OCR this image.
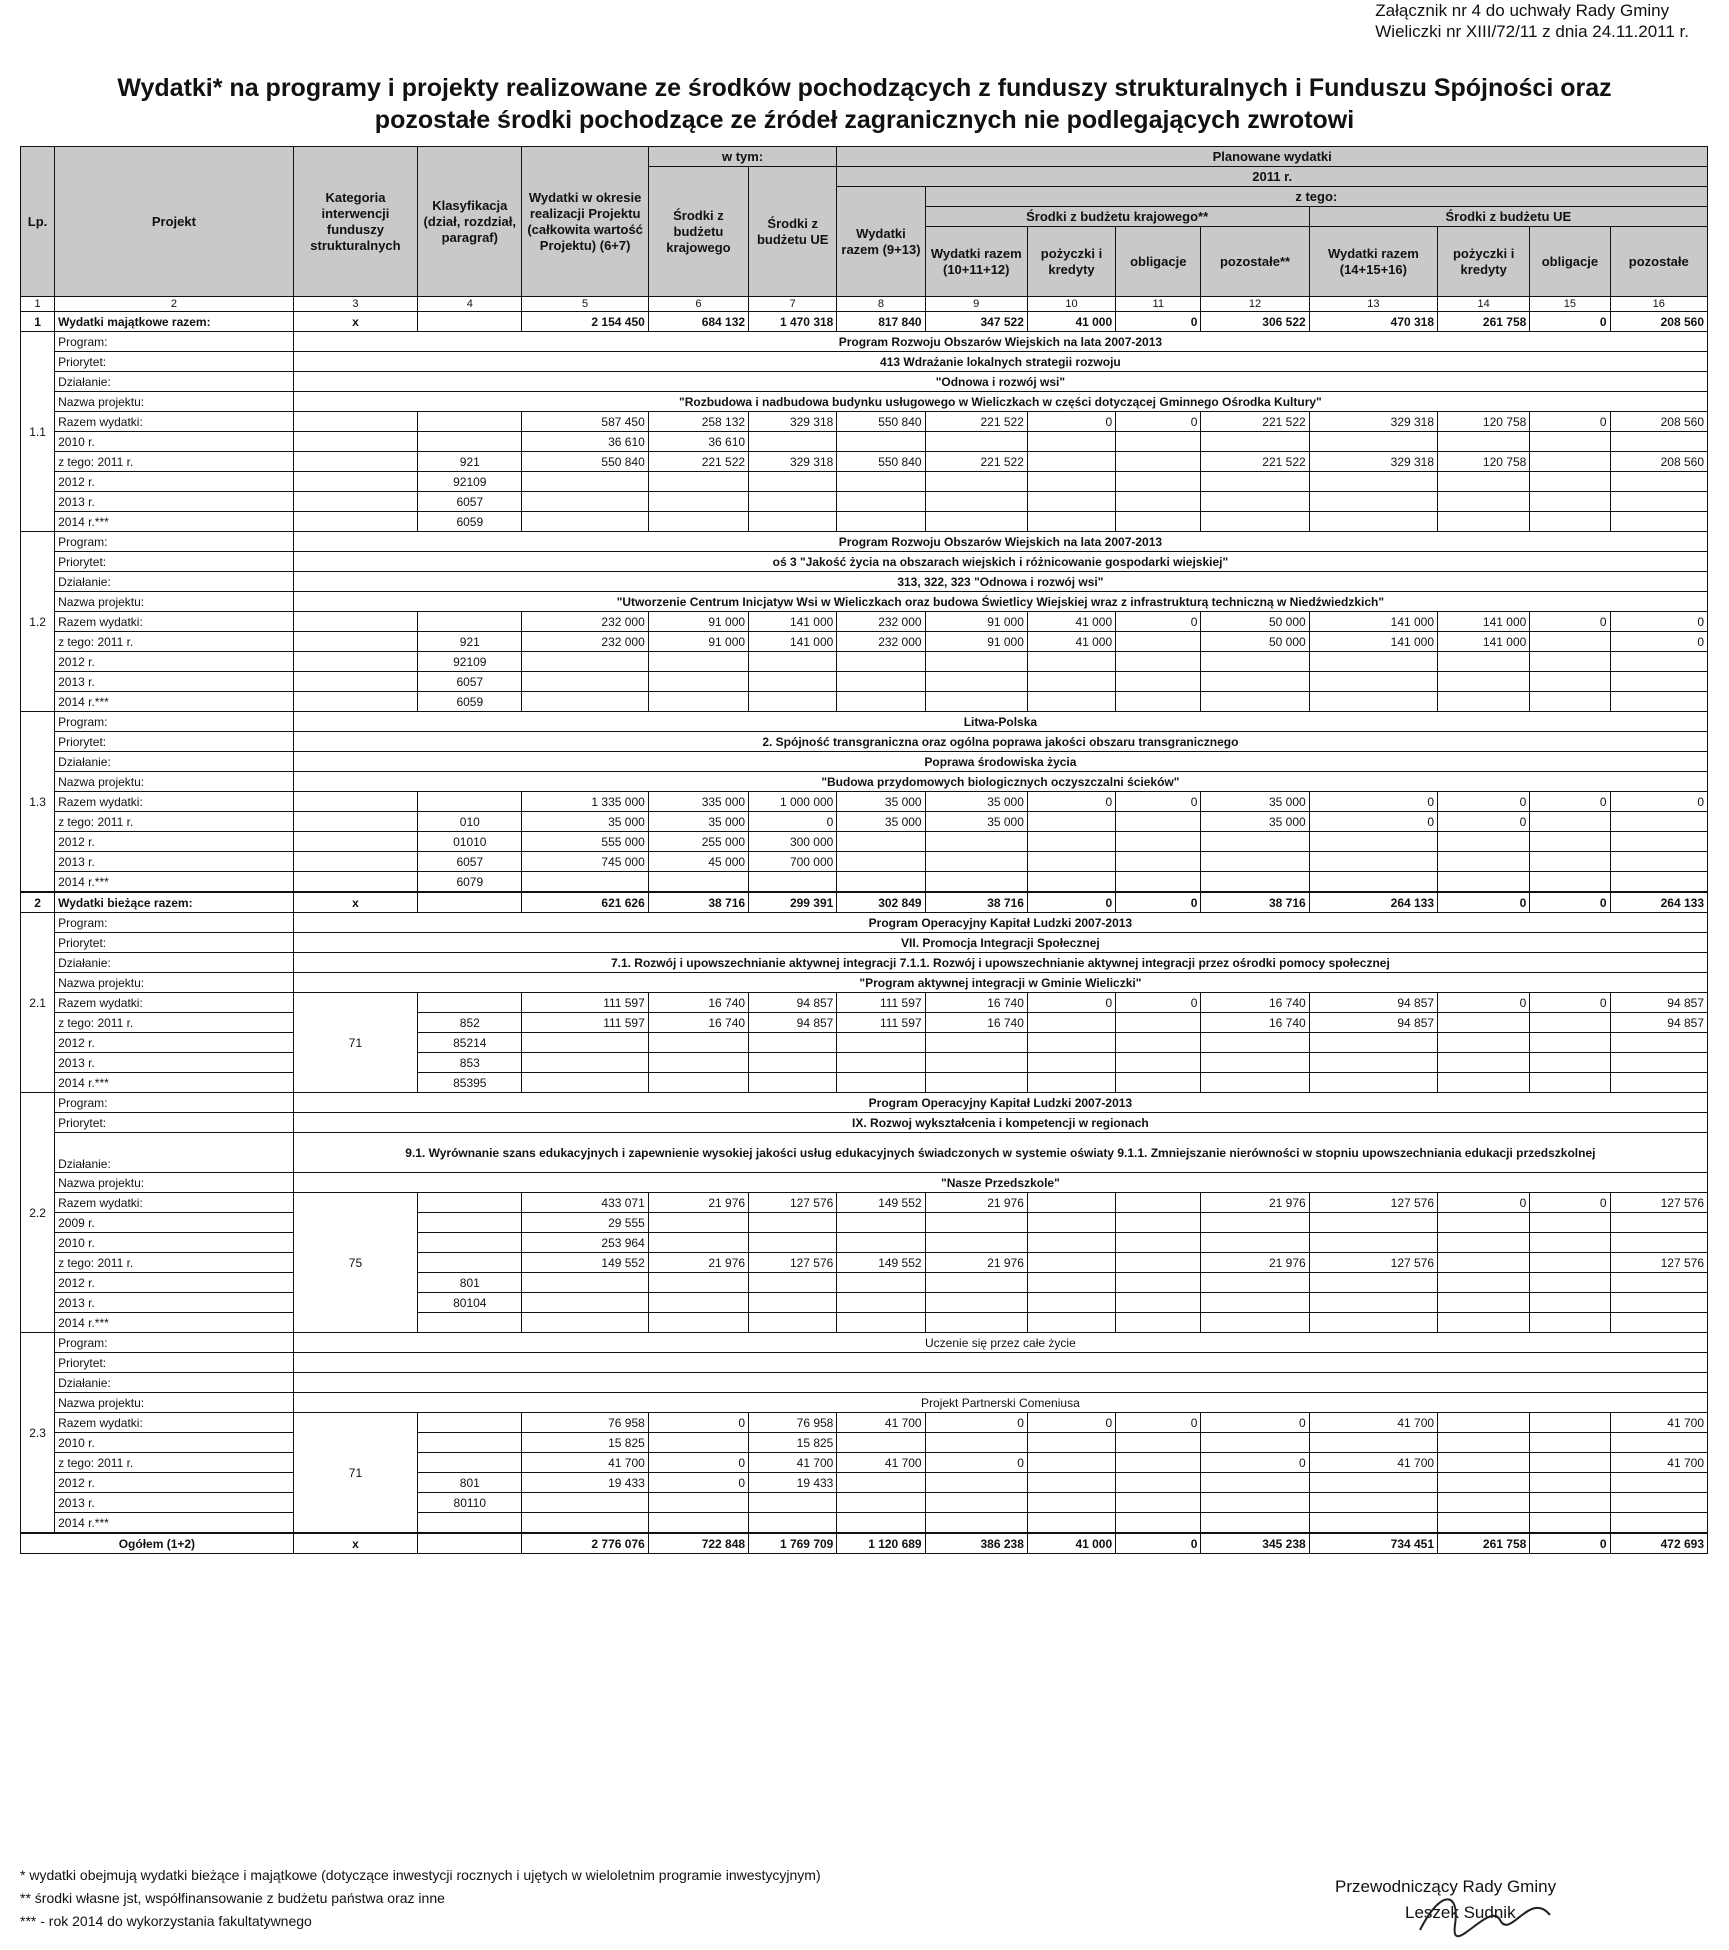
Załącznik nr 4 do uchwały Rady Gminy
Wieliczki nr XIII/72/11 z dnia 24.11.2011 r.
Wydatki* na programy i projekty realizowane ze środków pochodzących z funduszy strukturalnych i Funduszu Spójności oraz
pozostałe środki pochodzące ze źródeł zagranicznych nie podlegających zwrotowi
Lp.	Projekt	Kategoria interwencji funduszy strukturalnych	Klasyfikacja (dział, rozdział, paragraf)	Wydatki w okresie realizacji Projektu (całkowita wartość Projektu) (6+7)	w tym:		Planowane wydatki								
					Środki z budżetu krajowego	Środki z budżetu UE	2011 r.								
							Wydatki razem (9+13)	z tego:							
								Środki z budżetu krajowego**				Środki z budżetu UE			
								Wydatki razem (10+11+12)	pożyczki i kredyty	obligacje	pozostałe**	Wydatki razem (14+15+16)	pożyczki i kredyty	obligacje	pozostałe
1	2	3	4	5	6	7	8	9	10	11	12	13	14	15	16
1	Wydatki majątkowe razem:	x		2 154 450	684 132	1 470 318	817 840	347 522	41 000	0	306 522	470 318	261 758	0	208 560
1.1	Program:	Program Rozwoju Obszarów Wiejskich na lata 2007-2013													
	Priorytet:	413 Wdrażanie lokalnych strategii rozwoju													
	Działanie:	"Odnowa i rozwój wsi"													
	Nazwa projektu:	"Rozbudowa i nadbudowa budynku usługowego w Wieliczkach w części dotyczącej Gminnego Ośrodka Kultury"													
	Razem wydatki:			587 450	258 132	329 318	550 840	221 522	0	0	221 522	329 318	120 758	0	208 560
	2010 r.			36 610	36 610										
	z tego: 2011 r.		921	550 840	221 522	329 318	550 840	221 522			221 522	329 318	120 758		208 560
	2012 r.		92109												
	2013 r.		6057												
	2014 r.***		6059												
1.2	Program:	Program Rozwoju Obszarów Wiejskich na lata 2007-2013													
	Priorytet:	oś 3 "Jakość życia na obszarach wiejskich i różnicowanie gospodarki wiejskiej"													
	Działanie:	313, 322, 323 "Odnowa i rozwój wsi"													
	Nazwa projektu:	"Utworzenie Centrum Inicjatyw Wsi w Wieliczkach oraz budowa Świetlicy Wiejskiej wraz z infrastrukturą techniczną w Niedźwiedzkich"													
	Razem wydatki:			232 000	91 000	141 000	232 000	91 000	41 000	0	50 000	141 000	141 000	0	0
	z tego: 2011 r.		921	232 000	91 000	141 000	232 000	91 000	41 000		50 000	141 000	141 000		0
	2012 r.		92109												
	2013 r.		6057												
	2014 r.***		6059												
1.3	Program:	Litwa-Polska													
	Priorytet:	2. Spójność transgraniczna oraz ogólna poprawa jakości obszaru transgranicznego													
	Działanie:	Poprawa środowiska życia													
	Nazwa projektu:	"Budowa przydomowych biologicznych oczyszczalni ścieków"													
	Razem wydatki:			1 335 000	335 000	1 000 000	35 000	35 000	0	0	35 000	0	0	0	0
	z tego: 2011 r.		010	35 000	35 000	0	35 000	35 000			35 000	0	0		
	2012 r.		01010	555 000	255 000	300 000									
	2013 r.		6057	745 000	45 000	700 000									
	2014 r.***		6079												
2	Wydatki bieżące razem:	x		621 626	38 716	299 391	302 849	38 716	0	0	38 716	264 133	0	0	264 133
2.1	Program:	Program Operacyjny Kapitał Ludzki 2007-2013													
	Priorytet:	VII. Promocja Integracji Społecznej													
	Działanie:	7.1. Rozwój i upowszechnianie aktywnej integracji 7.1.1. Rozwój i upowszechnianie aktywnej integracji przez ośrodki pomocy społecznej													
	Nazwa projektu:	"Program aktywnej integracji w Gminie Wieliczki"													
	Razem wydatki:	71		111 597	16 740	94 857	111 597	16 740	0	0	16 740	94 857	0	0	94 857
	z tego: 2011 r.		852	111 597	16 740	94 857	111 597	16 740			16 740	94 857			94 857
	2012 r.		85214												
	2013 r.		853												
	2014 r.***		85395												
2.2	Program:	Program Operacyjny Kapitał Ludzki 2007-2013													
	Priorytet:	IX. Rozwoj wykształcenia i kompetencji w regionach													
	Działanie:	9.1. Wyrównanie szans edukacyjnych i zapewnienie wysokiej jakości usług edukacyjnych świadczonych w systemie oświaty 9.1.1. Zmniejszanie nierówności w stopniu upowszechniania edukacji przedszkolnej													
	Nazwa projektu:	"Nasze Przedszkole"													
	Razem wydatki:	75		433 071	21 976	127 576	149 552	21 976			21 976	127 576	0	0	127 576
	2009 r.			29 555											
	2010 r.			253 964											
	z tego: 2011 r.			149 552	21 976	127 576	149 552	21 976			21 976	127 576			127 576
	2012 r.		801												
	2013 r.		80104												
	2014 r.***														
2.3	Program:	Uczenie się przez całe życie													
	Priorytet:														
	Działanie:														
	Nazwa projektu:	Projekt Partnerski Comeniusa													
	Razem wydatki:	71		76 958	0	76 958	41 700	0	0	0	0	41 700			41 700
	2010 r.			15 825		15 825									
	z tego: 2011 r.			41 700	0	41 700	41 700	0			0	41 700			41 700
	2012 r.		801	19 433	0	19 433									
	2013 r.		80110												
	2014 r.***														
Ogółem (1+2)		x		2 776 076	722 848	1 769 709	1 120 689	386 238	41 000	0	345 238	734 451	261 758	0	472 693
* wydatki obejmują wydatki bieżące i majątkowe (dotyczące inwestycji rocznych i ujętych w wieloletnim programie inwestycyjnym)
** środki własne jst, współfinansowanie z budżetu państwa oraz inne
*** - rok 2014 do wykorzystania fakultatywnego
Przewodniczący Rady Gminy
Leszek Sudnik
